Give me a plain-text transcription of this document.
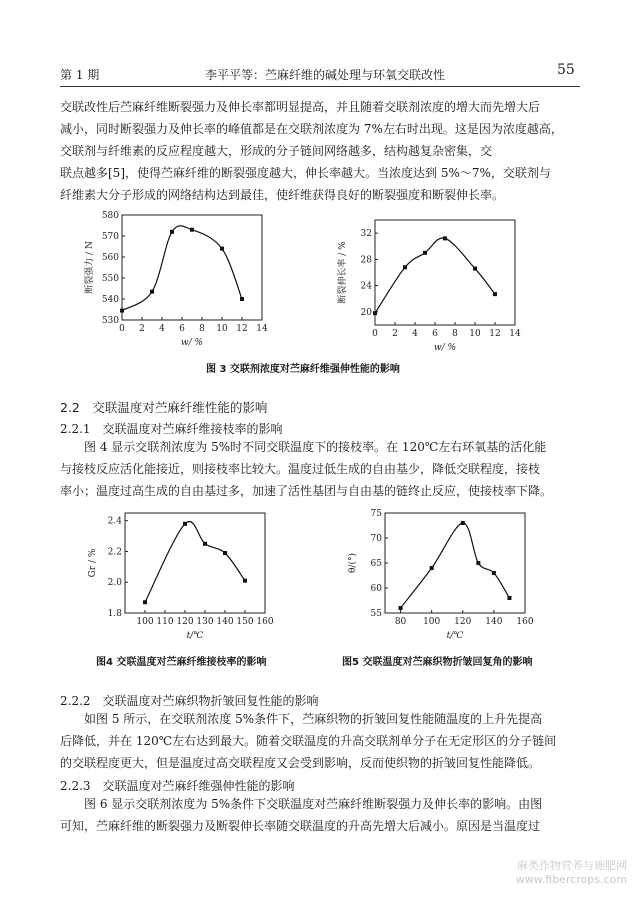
第 1 期	李平平等：苎麻纤维的碱处理与环氧交联改性	55
交联改性后苎麻纤维断裂强力及伸长率都明显提高，并且随着交联剂浓度的增大而先增大后
减小，同时断裂强力及伸长率的峰值都是在交联剂浓度为 7%左右时出现。这是因为浓度越高，
交联剂与纤维素的反应程度越大，形成的分子链间网络越多，结构越复杂密集，交
联点越多[5]，使得苎麻纤维的断裂强度越大，伸长率越大。当浓度达到 5%～7%，交联剂与
纤维素大分子形成的网络结构达到最佳，使纤维获得良好的断裂强度和断裂伸长率。
0 2 4 6 8 10 12 14
530
540
550
560
570
580
w/ %
断裂强力 / N
0 2 4 6 8 10 12 14
20
24
28
32
w/ %
断裂伸长率 / %
图 3 交联剂浓度对苎麻纤维强伸性能的影响
2.2　交联温度对苎麻纤维性能的影响
2.2.1　交联温度对苎麻纤维接枝率的影响
图 4 显示交联剂浓度为 5%时不同交联温度下的接枝率。在 120℃左右环氧基的活化能
与接枝反应活化能接近，则接枝率比较大。温度过低生成的自由基少，降低交联程度，接枝
率小；温度过高生成的自由基过多，加速了活性基团与自由基的链终止反应，使接枝率下降。
100 110 120 130 140 150 160
1.8
2.0
2.2
2.4
t/℃
Gr / %
80 100 120 140 160
55
60
65
70
75
t/℃
θ/(°)
图4 交联温度对苎麻纤维接枝率的影响	图5 交联温度对苎麻织物折皱回复角的影响
2.2.2　交联温度对苎麻织物折皱回复性能的影响
如图 5 所示，在交联剂浓度 5%条件下，苎麻织物的折皱回复性能随温度的上升先提高
后降低，并在 120℃左右达到最大。随着交联温度的升高交联剂单分子在无定形区的分子链间
的交联程度更大，但是温度过高交联程度又会受到影响，反而使织物的折皱回复性能降低。
2.2.3　交联温度对苎麻纤维强伸性能的影响
图 6 显示交联剂浓度为 5%条件下交联温度对苎麻纤维断裂强力及伸长率的影响。由图
可知，苎麻纤维的断裂强力及断裂伸长率随交联温度的升高先增大后减小。原因是当温度过
麻类作物营养与施肥网
www.fibercrops.com
